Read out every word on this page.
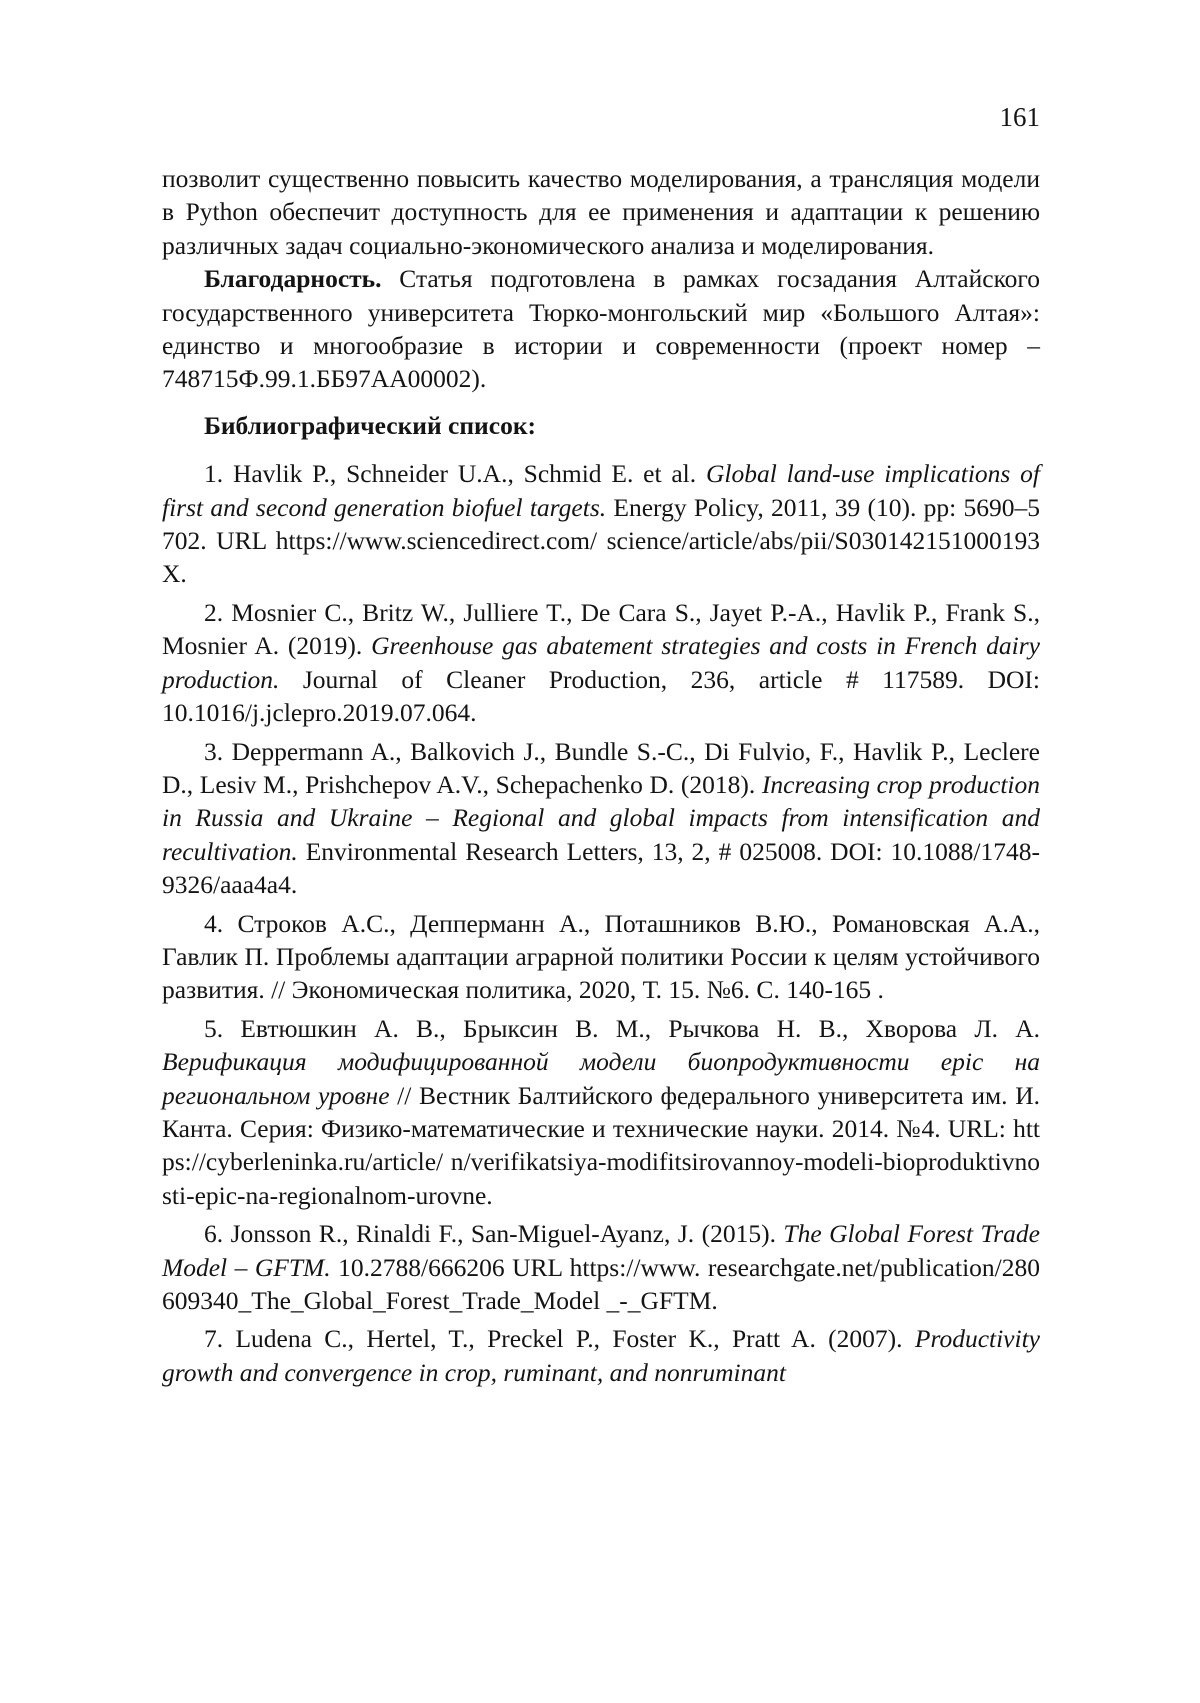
161

позволит существенно повысить качество моделирования, а трансляция модели в Python обеспечит доступность для ее применения и адаптации к решению различных задач социально-экономического анализа и моделирования.

Благодарность. Статья подготовлена в рамках госзадания Алтайского государственного университета Тюрко-монгольский мир «Большого Алтая»: единство и многообразие в истории и современности (проект номер – 748715Ф.99.1.ББ97АА00002).

Библиографический список:

1. Havlik P., Schneider U.A., Schmid E. et al. Global land-use implications of first and second generation biofuel targets. Energy Policy, 2011, 39 (10). pp: 5690–5702. URL https://www.sciencedirect.com/ science/article/abs/pii/S030142151000193X.

2. Mosnier C., Britz W., Julliere T., De Cara S., Jayet P.-A., Havlik P., Frank S., Mosnier A. (2019). Greenhouse gas abatement strategies and costs in French dairy production. Journal of Cleaner Production, 236, article # 117589. DOI: 10.1016/j.jclepro.2019.07.064.

3. Deppermann A., Balkovich J., Bundle S.-C., Di Fulvio, F., Havlik P., Leclere D., Lesiv M., Prishchepov A.V., Schepachenko D. (2018). Increasing crop production in Russia and Ukraine – Regional and global impacts from intensification and recultivation. Environmental Research Letters, 13, 2, # 025008. DOI: 10.1088/1748-9326/aaa4a4.

4. Строков А.С., Депперманн А., Поташников В.Ю., Романовская А.А., Гавлик П. Проблемы адаптации аграрной политики России к целям устойчивого развития. // Экономическая политика, 2020, Т. 15. №6. С. 140-165 .

5. Евтюшкин А. В., Брыксин В. М., Рычкова Н. В., Хворова Л. А. Верификация модифицированной модели биопродуктивности epic на региональном уровне // Вестник Балтийского федерального университета им. И. Канта. Серия: Физико-математические и технические науки. 2014. №4. URL: https://cyberleninka.ru/article/ n/verifikatsiya-modifitsirovannoy-modeli-bioproduktivnosti-epic-na-regionalnom-urovne.

6. Jonsson R., Rinaldi F., San-Miguel-Ayanz, J. (2015). The Global Forest Trade Model – GFTM. 10.2788/666206 URL https://www. researchgate.net/publication/280609340_The_Global_Forest_Trade_Model _-_GFTM.

7. Ludena C., Hertel, T., Preckel P., Foster K., Pratt A. (2007). Productivity growth and convergence in crop, ruminant, and nonruminant
